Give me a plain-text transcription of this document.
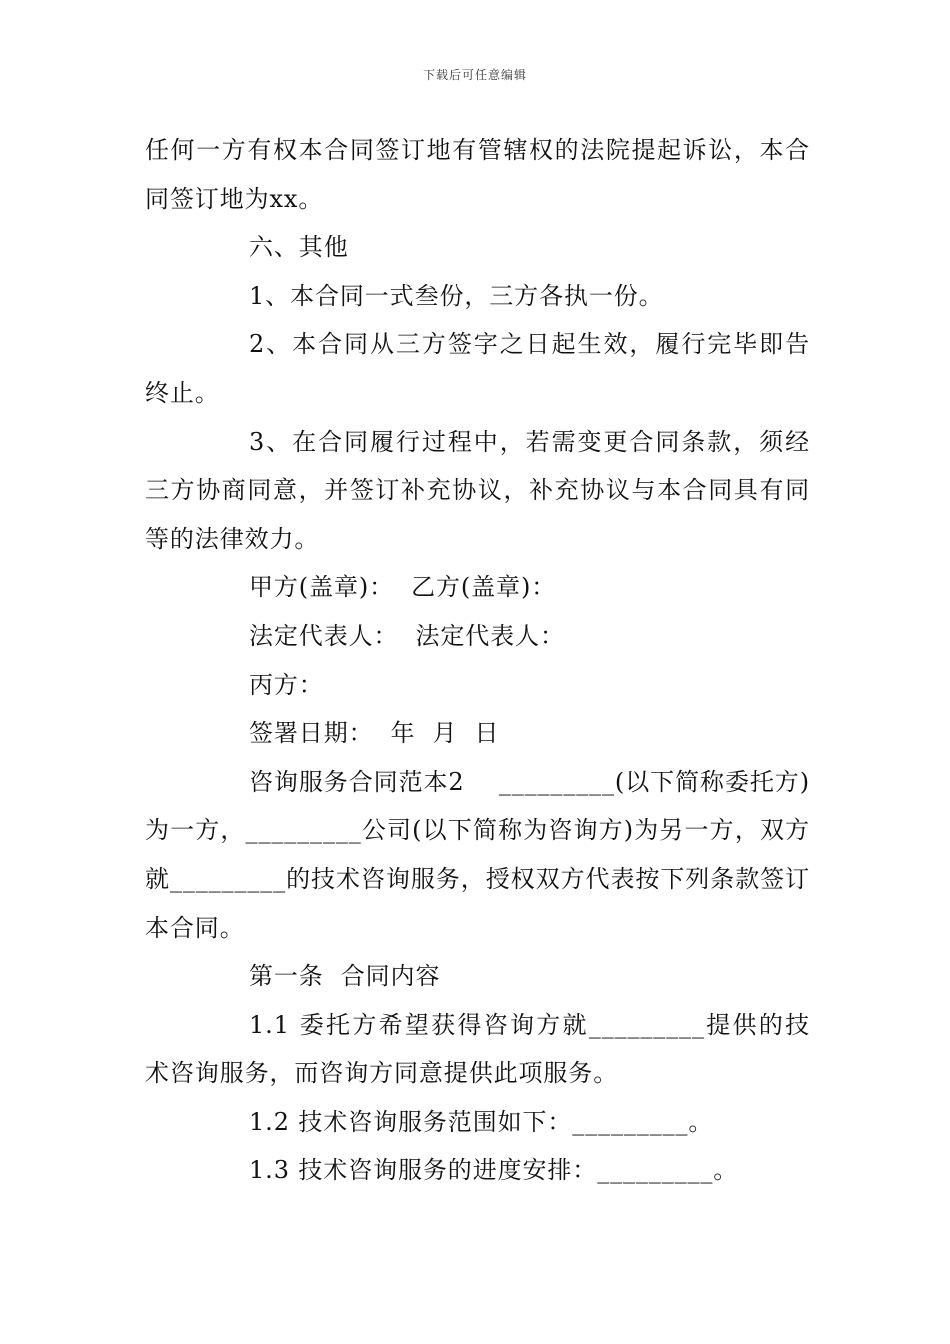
下载后可任意编辑

任何一方有权本合同签订地有管辖权的法院提起诉讼，本合同签订地为xx。

六、其他

1、本合同一式叁份，三方各执一份。

2、本合同从三方签字之日起生效，履行完毕即告终止。

3、在合同履行过程中，若需变更合同条款，须经三方协商同意，并签订补充协议，补充协议与本合同具有同等的法律效力。

甲方(盖章)：  乙方(盖章)：

法定代表人：  法定代表人：

丙方：

签署日期：  年  月  日

咨询服务合同范本2    _________(以下简称委托方)为一方，_________公司(以下简称为咨询方)为另一方，双方就_________的技术咨询服务，授权双方代表按下列条款签订本合同。

第一条  合同内容

1.1 委托方希望获得咨询方就_________提供的技术咨询服务，而咨询方同意提供此项服务。

1.2 技术咨询服务范围如下：_________。

1.3 技术咨询服务的进度安排：_________。
